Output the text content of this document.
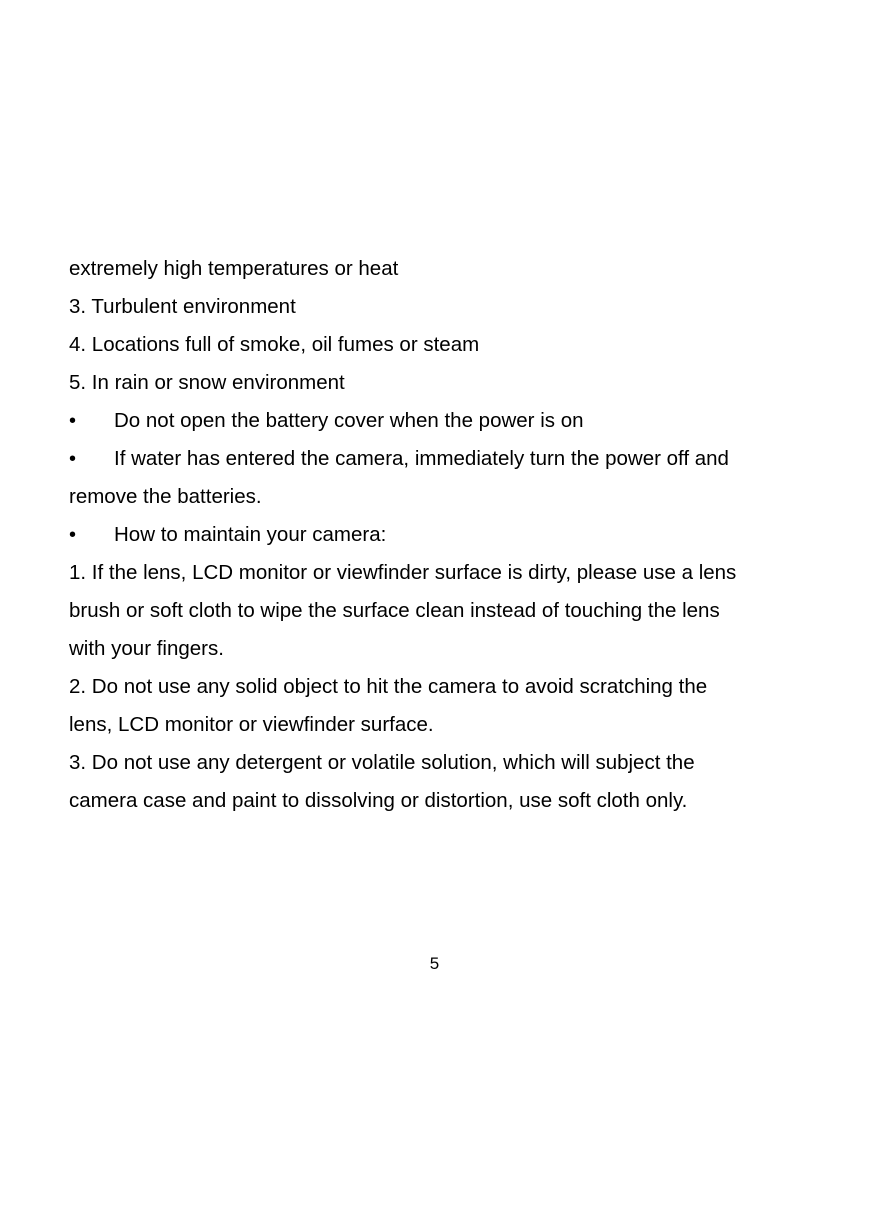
extremely high temperatures or heat
3. Turbulent environment
4. Locations full of smoke, oil fumes or steam
5. In rain or snow environment
•	Do not open the battery cover when the power is on
•	If water has entered the camera, immediately turn the power off and
remove the batteries.
•	How to maintain your camera:
1. If the lens, LCD monitor or viewfinder surface is dirty, please use a lens
brush or soft cloth to wipe the surface clean instead of touching the lens
with your fingers.
2. Do not use any solid object to hit the camera to avoid scratching the
lens, LCD monitor or viewfinder surface.
3. Do not use any detergent or volatile solution, which will subject the
camera case and paint to dissolving or distortion, use soft cloth only.
5
